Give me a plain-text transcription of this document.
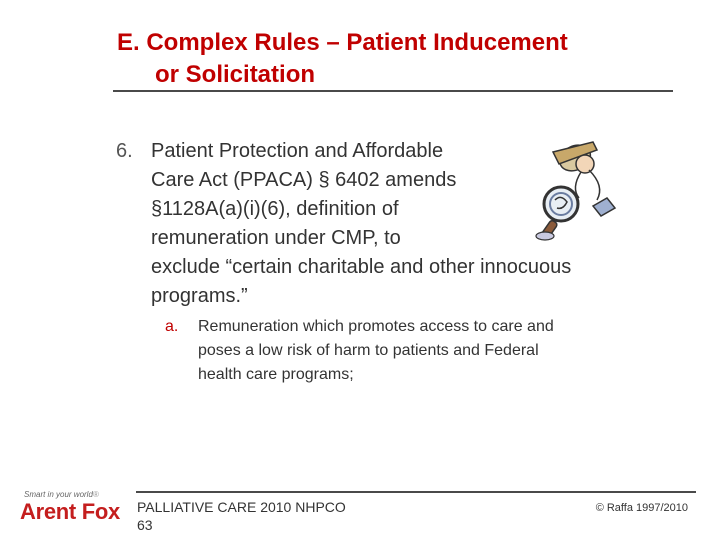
E. Complex Rules – Patient Inducement
or Solicitation
6. Patient Protection and Affordable
Care Act (PPACA) § 6402 amends
§1128A(a)(i)(6), definition of
remuneration under CMP, to
exclude “certain charitable and other innocuous
programs.”
a. Remuneration which promotes access to care and
poses a low risk of harm to patients and Federal
health care programs;
Smart in your world®
Arent Fox PALLIATIVE CARE 2010 NHPCO
63
© Raffa 1997/2010
